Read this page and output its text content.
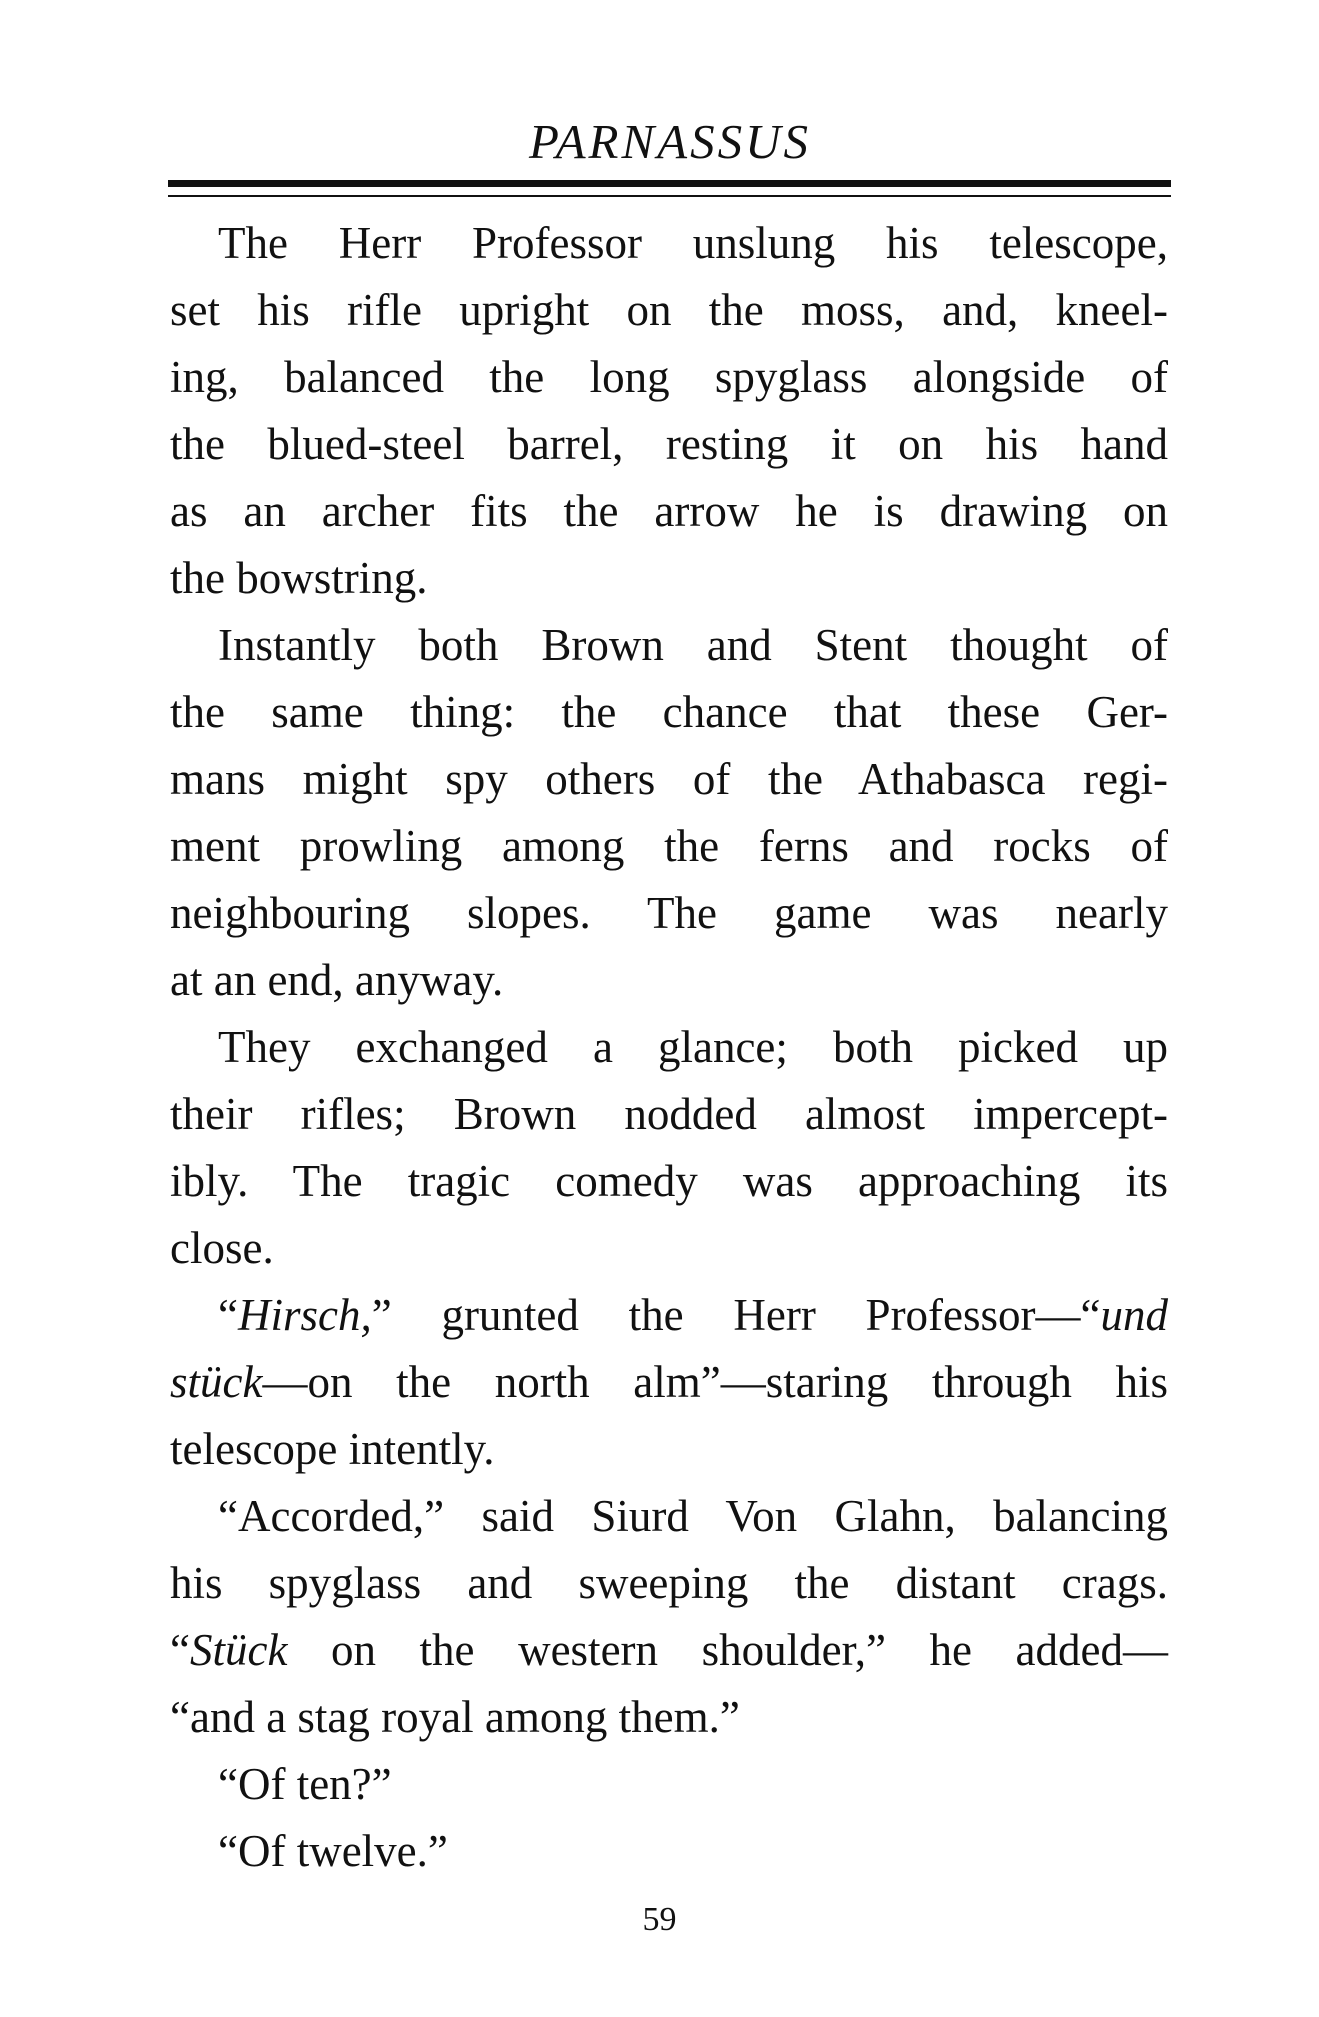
PARNASSUS
The Herr Professor unslung his telescope,
set his rifle upright on the moss, and, kneel-
ing, balanced the long spyglass alongside of
the blued-steel barrel, resting it on his hand
as an archer fits the arrow he is drawing on
the bowstring.
Instantly both Brown and Stent thought of
the same thing: the chance that these Ger-
mans might spy others of the Athabasca regi-
ment prowling among the ferns and rocks of
neighbouring slopes. The game was nearly
at an end, anyway.
They exchanged a glance; both picked up
their rifles; Brown nodded almost impercept-
ibly. The tragic comedy was approaching its
close.
“Hirsch,” grunted the Herr Professor—“und
stück—on the north alm”—staring through his
telescope intently.
“Accorded,” said Siurd Von Glahn, balancing
his spyglass and sweeping the distant crags.
“Stück on the western shoulder,” he added—
“and a stag royal among them.”
“Of ten?”
“Of twelve.”
59
